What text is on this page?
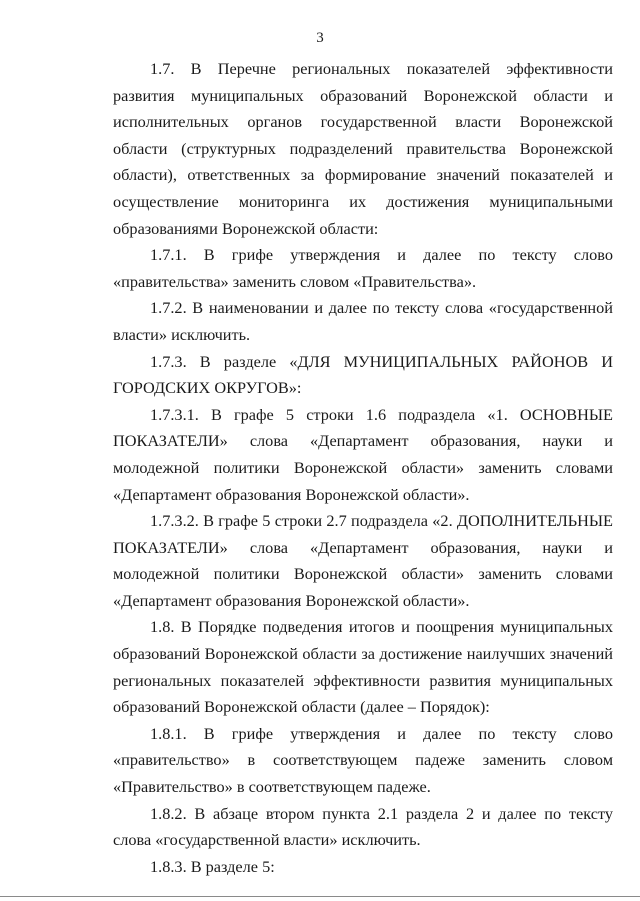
3

1.7. В Перечне региональных показателей эффективности развития муниципальных образований Воронежской области и исполнительных органов государственной власти Воронежской области (структурных подразделений правительства Воронежской области), ответственных за формирование значений показателей и осуществление мониторинга их достижения муниципальными образованиями Воронежской области:

1.7.1. В грифе утверждения и далее по тексту слово «правительства» заменить словом «Правительства».

1.7.2. В наименовании и далее по тексту слова «государственной власти» исключить.

1.7.3. В разделе «ДЛЯ МУНИЦИПАЛЬНЫХ РАЙОНОВ И ГОРОДСКИХ ОКРУГОВ»:

1.7.3.1. В графе 5 строки 1.6 подраздела «1. ОСНОВНЫЕ ПОКАЗАТЕЛИ» слова «Департамент образования, науки и молодежной политики Воронежской области» заменить словами «Департамент образования Воронежской области».

1.7.3.2. В графе 5 строки 2.7 подраздела «2. ДОПОЛНИТЕЛЬНЫЕ ПОКАЗАТЕЛИ» слова «Департамент образования, науки и молодежной политики Воронежской области» заменить словами «Департамент образования Воронежской области».

1.8. В Порядке подведения итогов и поощрения муниципальных образований Воронежской области за достижение наилучших значений региональных показателей эффективности развития муниципальных образований Воронежской области (далее – Порядок):

1.8.1. В грифе утверждения и далее по тексту слово «правительство» в соответствующем падеже заменить словом «Правительство» в соответствующем падеже.

1.8.2. В абзаце втором пункта 2.1 раздела 2 и далее по тексту слова «государственной власти» исключить.

1.8.3. В разделе 5:
